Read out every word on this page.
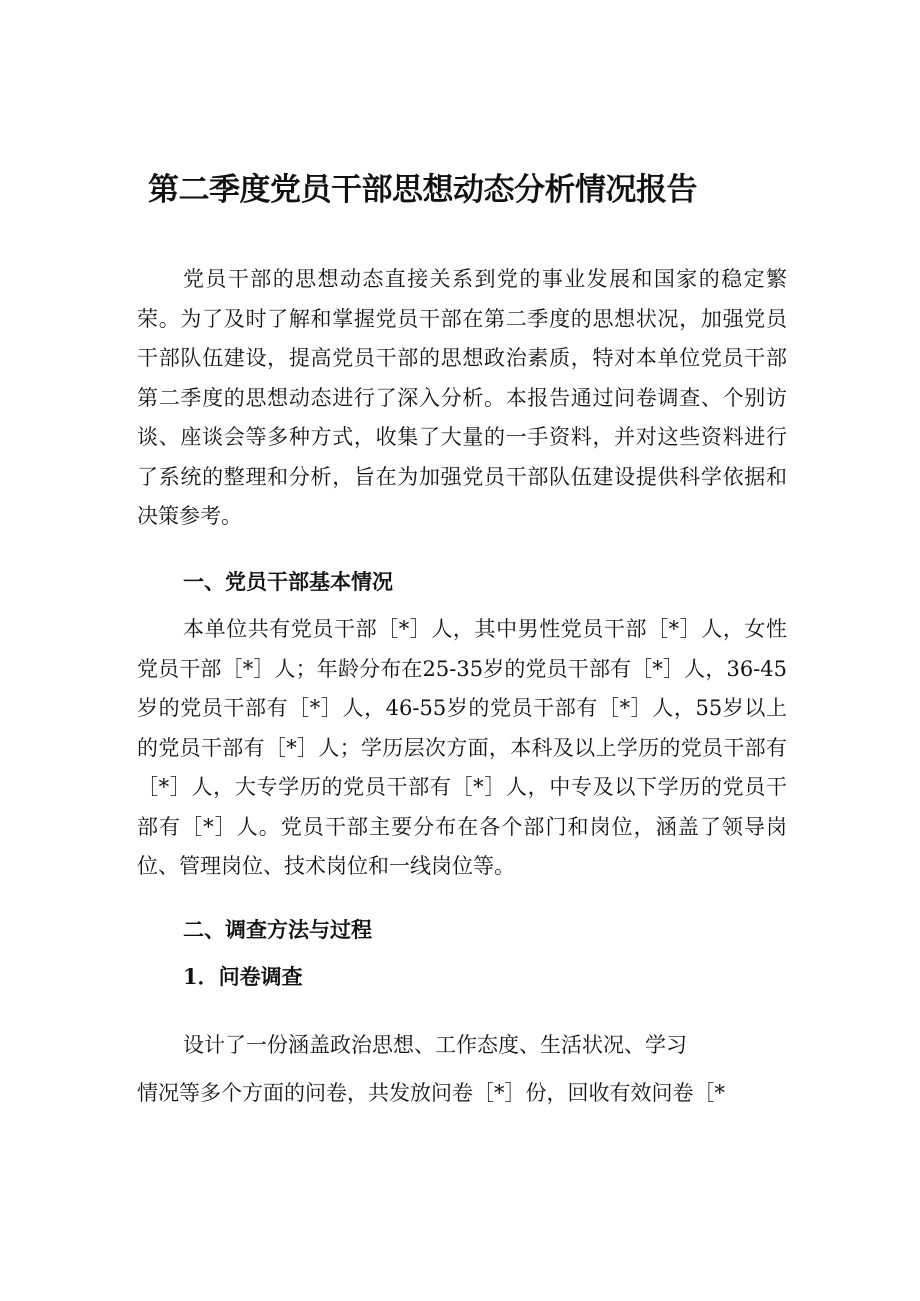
第二季度党员干部思想动态分析情况报告

党员干部的思想动态直接关系到党的事业发展和国家的稳定繁荣。为了及时了解和掌握党员干部在第二季度的思想状况，加强党员干部队伍建设，提高党员干部的思想政治素质，特对本单位党员干部第二季度的思想动态进行了深入分析。本报告通过问卷调查、个别访谈、座谈会等多种方式，收集了大量的一手资料，并对这些资料进行了系统的整理和分析，旨在为加强党员干部队伍建设提供科学依据和决策参考。

一、党员干部基本情况

本单位共有党员干部［*］人，其中男性党员干部［*］人，女性党员干部［*］人；年龄分布在25-35岁的党员干部有［*］人，36-45岁的党员干部有［*］人，46-55岁的党员干部有［*］人，55岁以上的党员干部有［*］人；学历层次方面，本科及以上学历的党员干部有［*］人，大专学历的党员干部有［*］人，中专及以下学历的党员干部有［*］人。党员干部主要分布在各个部门和岗位，涵盖了领导岗位、管理岗位、技术岗位和一线岗位等。

二、调查方法与过程
1．问卷调查

设计了一份涵盖政治思想、工作态度、生活状况、学习

情况等多个方面的问卷，共发放问卷［*］份，回收有效问卷［*
